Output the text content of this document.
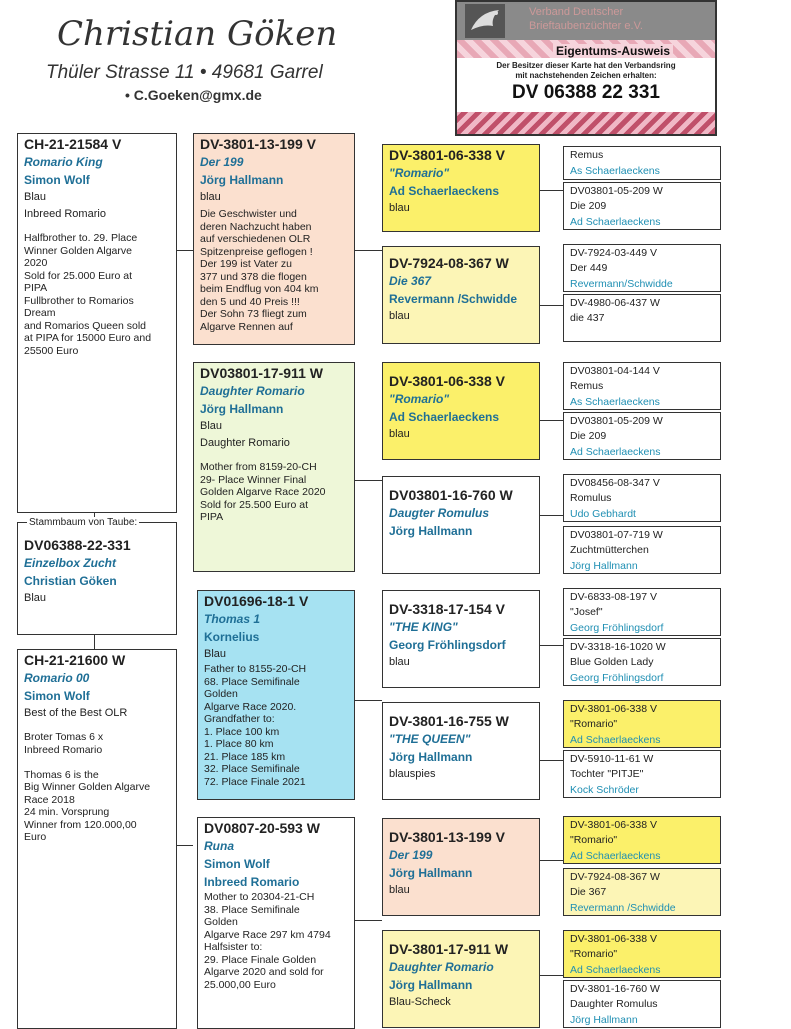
Christian Göken
Thüler Strasse 11 • 49681 Garrel
• C.Goeken@gmx.de
Verband Deutscher
Brieftaubenzüchter e.V.
Eigentums-Ausweis
Der Besitzer dieser Karte hat den Verbandsring
mit nachstehenden Zeichen erhalten:
DV 06388 22 331
CH-21-21584 V
Romario King
Simon Wolf
Blau
Inbreed Romario
Halfbrother to. 29. Place
Winner Golden Algarve
2020
Sold for 25.000 Euro at
PIPA
Fullbrother to Romarios
Dream
and Romarios Queen sold
at PIPA for 15000 Euro and
25500 Euro
Stammbaum von Taube:
DV06388-22-331
Einzelbox Zucht
Christian Göken
Blau
CH-21-21600 W
Romario 00
Simon Wolf
Best of the Best OLR
Broter Tomas 6 x
Inbreed Romario

Thomas 6 is the
Big Winner Golden Algarve
Race 2018
24 min. Vorsprung
Winner from 120.000,00
Euro
DV-3801-13-199 V
Der 199
Jörg Hallmann
blau
Die Geschwister und
deren Nachzucht haben
auf verschiedenen OLR
Spitzenpreise geflogen !
Der 199 ist Vater zu
377 und 378 die flogen
beim Endflug von 404 km
den 5 und 40 Preis !!!
Der Sohn 73 fliegt zum
Algarve Rennen auf
DV03801-17-911 W
Daughter Romario
Jörg Hallmann
Blau
Daughter Romario
Mother from 8159-20-CH
29- Place Winner Final
Golden Algarve Race 2020
Sold for 25.500 Euro at
PIPA
DV01696-18-1 V
Thomas 1
Kornelius
Blau
Father to 8155-20-CH
68. Place Semifinale
Golden
Algarve Race 2020.
Grandfather to:
1. Place 100 km
1. Place 80 km
21. Place 185 km
32. Place Semifinale
72. Place Finale 2021
DV0807-20-593 W
Runa
Simon Wolf
Inbreed Romario
Mother to 20304-21-CH
38. Place Semifinale
Golden
Algarve Race 297 km 4794
Halfsister to:
29. Place Finale Golden
Algarve 2020 and sold for
25.000,00 Euro
DV-3801-06-338 V
"Romario"
Ad Schaerlaeckens
blau
DV-7924-08-367 W
Die 367
Revermann /Schwidde
blau
DV-3801-06-338 V
"Romario"
Ad Schaerlaeckens
blau
DV03801-16-760 W
Daugter Romulus
Jörg Hallmann
DV-3318-17-154 V
"THE KING"
Georg Fröhlingsdorf
blau
DV-3801-16-755 W
"THE QUEEN"
Jörg Hallmann
blauspies
DV-3801-13-199 V
Der 199
Jörg Hallmann
blau
DV-3801-17-911 W
Daughter Romario
Jörg Hallmann
Blau-Scheck
Remus
As Schaerlaeckens
DV03801-05-209 W
Die 209
Ad Schaerlaeckens
DV-7924-03-449 V
Der 449
Revermann/Schwidde
DV-4980-06-437 W
die 437
DV03801-04-144 V
Remus
As Schaerlaeckens
DV03801-05-209 W
Die 209
Ad Schaerlaeckens
DV08456-08-347 V
Romulus
Udo Gebhardt
DV03801-07-719 W
Zuchtmütterchen
Jörg Hallmann
DV-6833-08-197 V
"Josef"
Georg Fröhlingsdorf
DV-3318-16-1020 W
Blue Golden Lady
Georg Fröhlingsdorf
DV-3801-06-338 V
"Romario"
Ad Schaerlaeckens
DV-5910-11-61 W
Tochter "PITJE"
Kock Schröder
DV-3801-06-338 V
"Romario"
Ad Schaerlaeckens
DV-7924-08-367 W
Die 367
Revermann /Schwidde
DV-3801-06-338 V
"Romario"
Ad Schaerlaeckens
DV-3801-16-760 W
Daughter Romulus
Jörg Hallmann
